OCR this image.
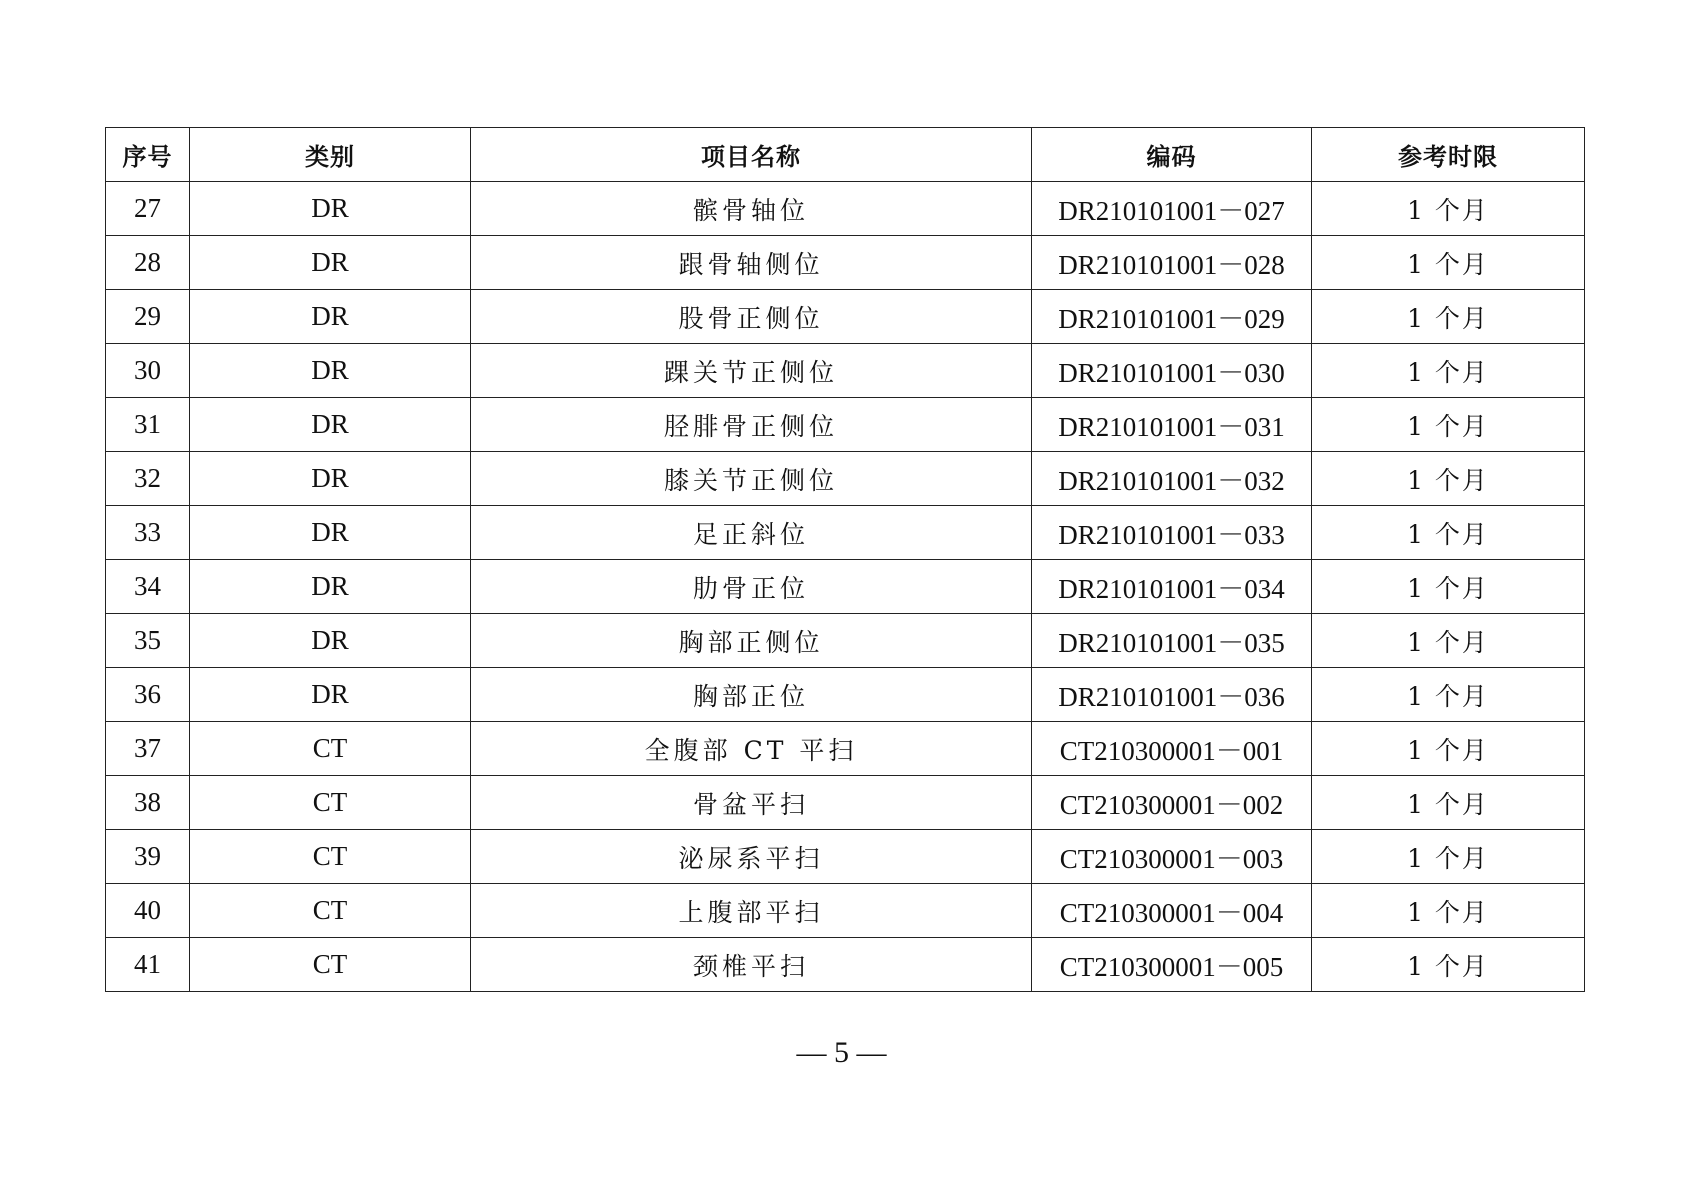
序号	类别	项目名称	编码	参考时限
27	DR	髌骨轴位	DR210101001－027	1 个月
28	DR	跟骨轴侧位	DR210101001－028	1 个月
29	DR	股骨正侧位	DR210101001－029	1 个月
30	DR	踝关节正侧位	DR210101001－030	1 个月
31	DR	胫腓骨正侧位	DR210101001－031	1 个月
32	DR	膝关节正侧位	DR210101001－032	1 个月
33	DR	足正斜位	DR210101001－033	1 个月
34	DR	肋骨正位	DR210101001－034	1 个月
35	DR	胸部正侧位	DR210101001－035	1 个月
36	DR	胸部正位	DR210101001－036	1 个月
37	CT	全腹部 CT 平扫	CT210300001－001	1 个月
38	CT	骨盆平扫	CT210300001－002	1 个月
39	CT	泌尿系平扫	CT210300001－003	1 个月
40	CT	上腹部平扫	CT210300001－004	1 个月
41	CT	颈椎平扫	CT210300001－005	1 个月
— 5 —
